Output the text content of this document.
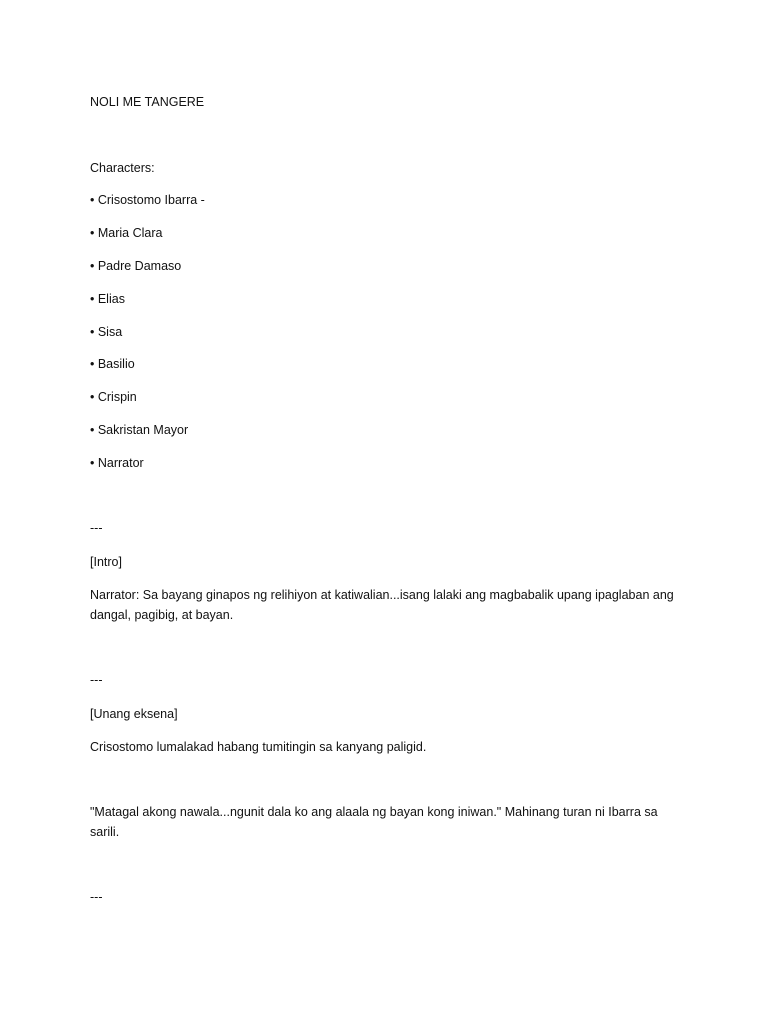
NOLI ME TANGERE
Characters:
• Crisostomo Ibarra -
• Maria Clara
• Padre Damaso
• Elias
• Sisa
• Basilio
• Crispin
• Sakristan Mayor
• Narrator
---
[Intro]
Narrator: Sa bayang ginapos ng relihiyon at katiwalian...isang lalaki ang magbabalik upang ipaglaban ang dangal, pagibig, at bayan.
---
[Unang eksena]
Crisostomo lumalakad habang tumitingin sa kanyang paligid.
"Matagal akong nawala...ngunit dala ko ang alaala ng bayan kong iniwan." Mahinang turan ni Ibarra sa sarili.
---
